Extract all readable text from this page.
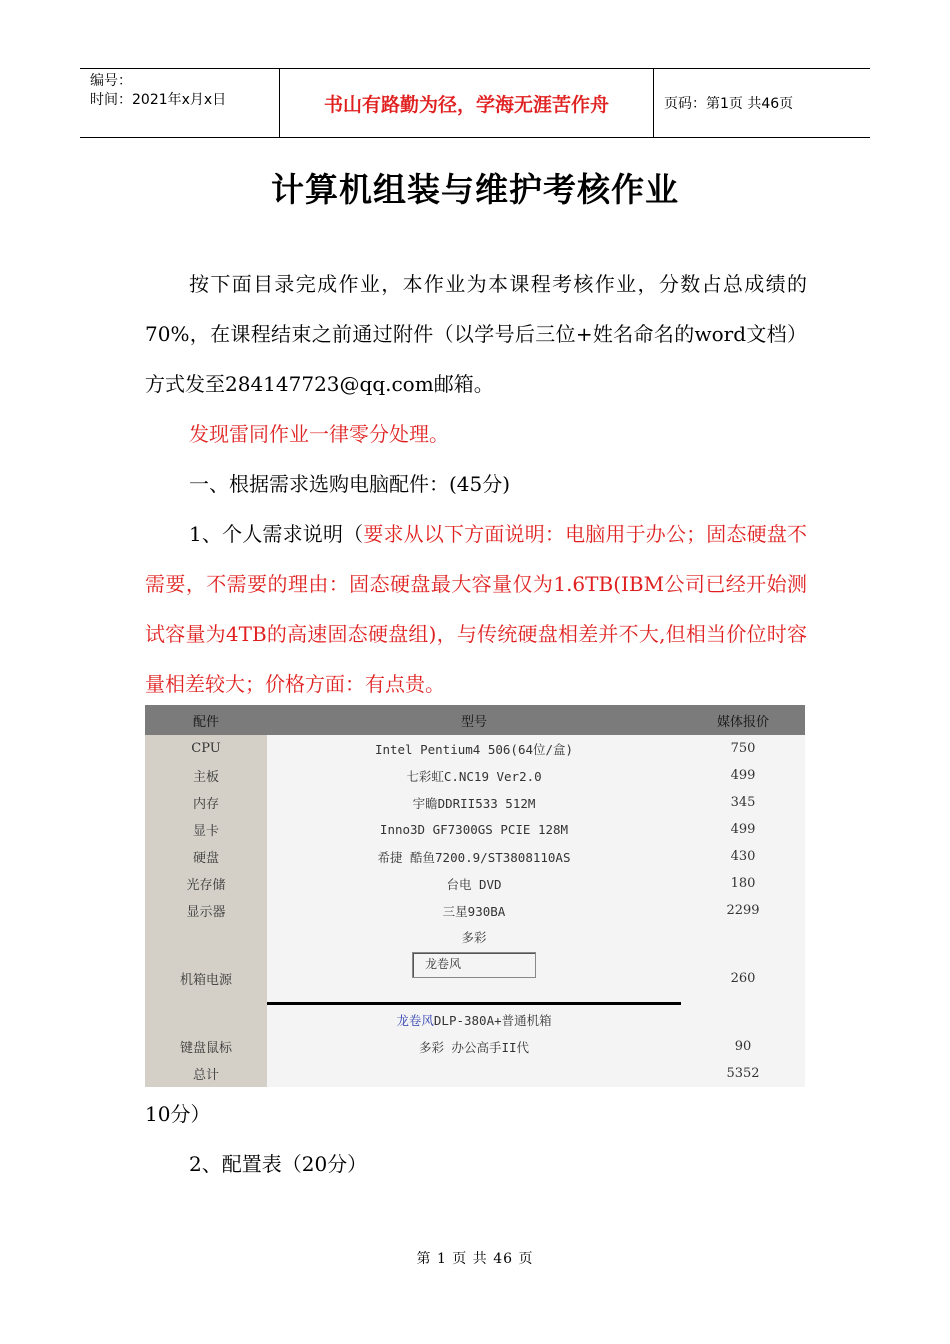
编号：
时间：2021年x月x日	书山有路勤为径，学海无涯苦作舟	页码：第1页 共46页
计算机组装与维护考核作业

按下面目录完成作业，本作业为本课程考核作业，分数占总成绩的70%，在课程结束之前通过附件（以学号后三位+姓名命名的word文档）方式发至284147723@qq.com邮箱。

发现雷同作业一律零分处理。

一、根据需求选购电脑配件：(45分)

1、个人需求说明（要求从以下方面说明：电脑用于办公；固态硬盘不需要，不需要的理由：固态硬盘最大容量仅为1.6TB(IBM公司已经开始测试容量为4TB的高速固态硬盘组)，与传统硬盘相差并不大,但相当价位时容量相差较大；价格方面：有点贵。

配件	型号	媒体报价
CPU	Intel Pentium4 506(64位/盒)	750
主板	七彩虹C.NC19 Ver2.0	499
内存	宇瞻DDRII533 512M	345
显卡	Inno3D GF7300GS PCIE 128M	499
硬盘	希捷 酷鱼7200.9/ST3808110AS	430
光存储	台电 DVD	180
显示器	三星930BA	2299
机箱电源	多彩
龙卷风
龙卷风DLP-380A+普通机箱	260
键盘鼠标	多彩 办公高手II代	90
总计		5352
10分）
2、配置表（20分）
第 1 页 共 46 页
